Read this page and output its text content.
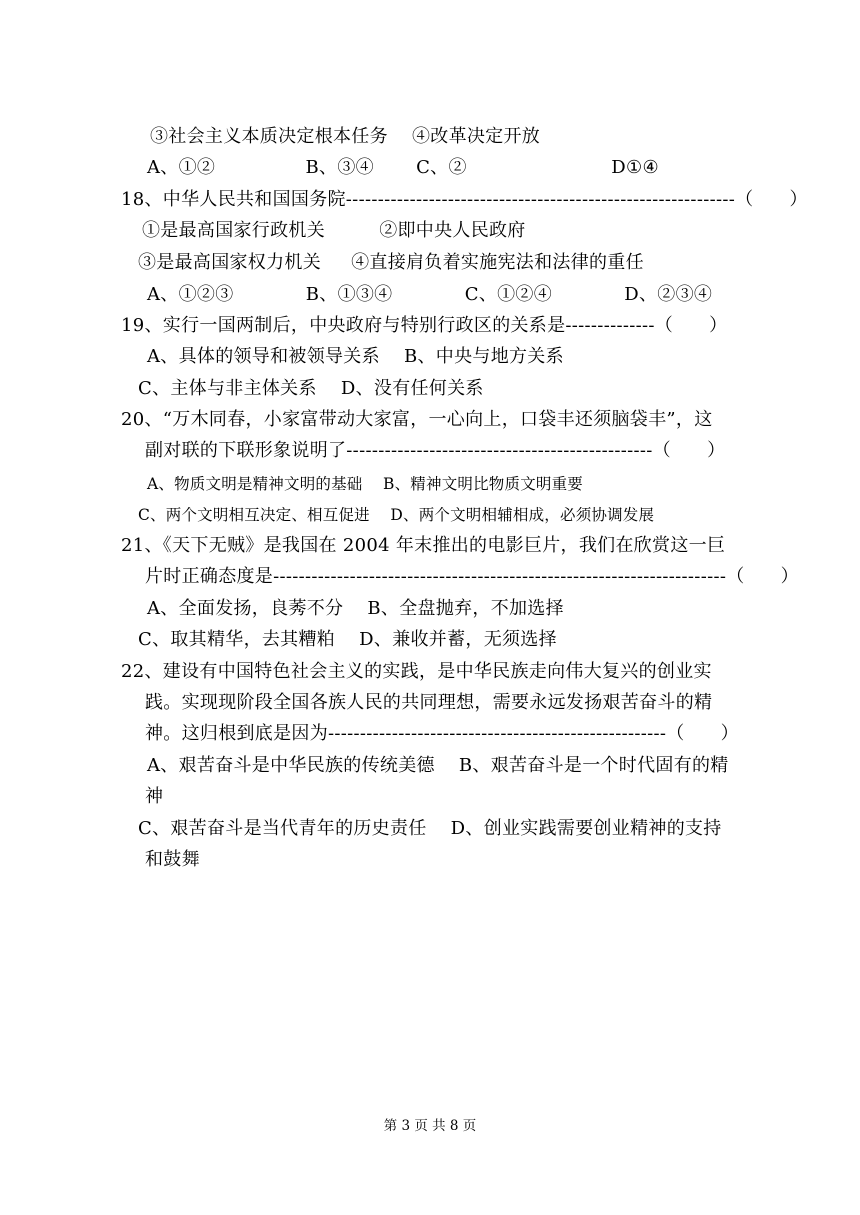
③社会主义本质决定根本任务    ④改革决定开放
A、①②               B、③④       C、②                        D①④
18、中华人民共和国国务院-------------------------------------------------------------（      ）
①是最高国家行政机关         ②即中央人民政府
③是最高国家权力机关     ④直接肩负着实施宪法和法律的重任
A、①②③            B、①③④            C、①②④            D、②③④
19、实行一国两制后，中央政府与特别行政区的关系是--------------（      ）
A、具体的领导和被领导关系    B、中央与地方关系
C、主体与非主体关系    D、没有任何关系
20、“万木同春，小家富带动大家富，一心向上，口袋丰还须脑袋丰”，这
副对联的下联形象说明了------------------------------------------------（      ）
A、物质文明是精神文明的基础    B、精神文明比物质文明重要
C、两个文明相互决定、相互促进    D、两个文明相辅相成，必须协调发展
21、《天下无贼》是我国在 2004 年末推出的电影巨片，我们在欣赏这一巨
片时正确态度是-----------------------------------------------------------------------（      ）
A、全面发扬，良莠不分    B、全盘抛弃，不加选择
C、取其精华，去其糟粕    D、兼收并蓄，无须选择
22、建设有中国特色社会主义的实践，是中华民族走向伟大复兴的创业实
践。实现现阶段全国各族人民的共同理想，需要永远发扬艰苦奋斗的精
神。这归根到底是因为-----------------------------------------------------（      ）
A、艰苦奋斗是中华民族的传统美德    B、艰苦奋斗是一个时代固有的精
神
C、艰苦奋斗是当代青年的历史责任    D、创业实践需要创业精神的支持
和鼓舞
第 3 页 共 8 页
